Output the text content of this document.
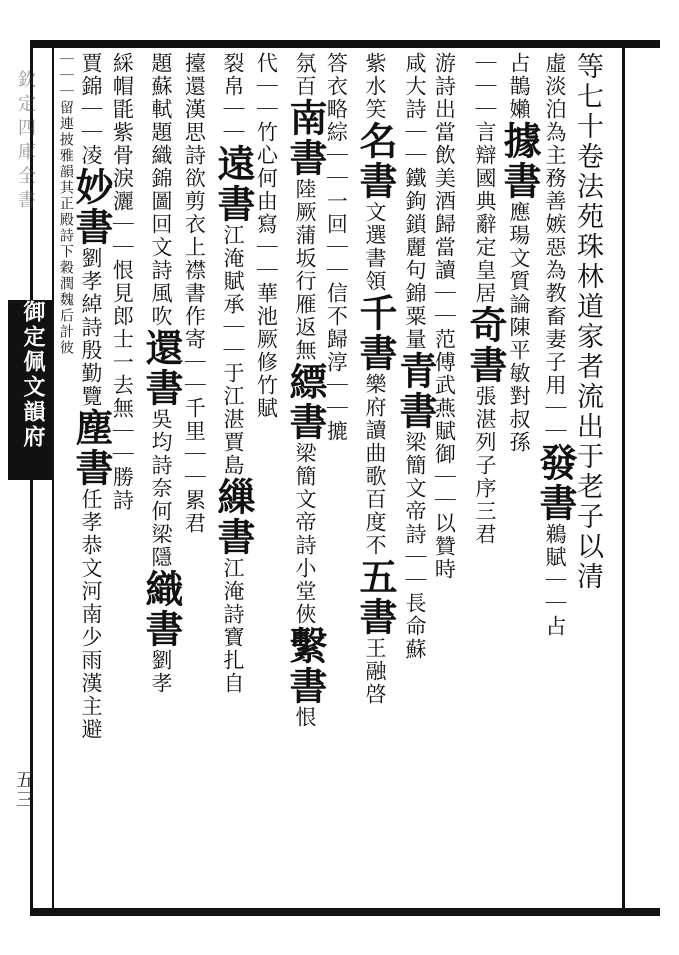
欽定四庫全書
御定佩文韻府
五三
等七十卷法苑珠林道家者流出于老子以清
虛淡泊為主務善嫉惡為教畜妻子用｜｜發書鵜賦｜｜占
占鵲嬾據書應瑒文質論陳平敏對叔孫
｜｜｜言辯國典辭定皇居奇書張湛列子序三君
游詩出當飲美酒歸當讀｜｜范傅武燕賦御｜｜以贊時
咸大詩｜｜鐵鉤鎖麗句錦粟量青書梁簡文帝詩｜｜長命蘇
紫水笑名書文選書領千書樂府讀曲歌百度不五書王融啓
答衣略綜｜｜一回｜｜信不歸淳｜｜摝
氛百南書陸厥蒲坂行雁返無縹書梁簡文帝詩小堂俠繫書恨
代｜｜竹心何由寫｜｜華池厥修竹賦
裂帛｜｜遠書江淹賦承｜｜于江湛賈島繅書江淹詩寶扎自
擡還漢思詩欲剪衣上襟書作寄｜｜千里｜｜累君
題蘇軾題織錦圖回文詩風吹還書吳均詩奈何梁隱織書劉孝
綵帽毷紫骨淚灑｜｜恨見郎士一去無｜｜勝詩
賈錦｜｜凌妙書劉孝綽詩殷勤覽塵書任孝恭文河南少雨漢主避
｜｜｜留連披雅韻其正殿詩下穀潤魏后計彼
